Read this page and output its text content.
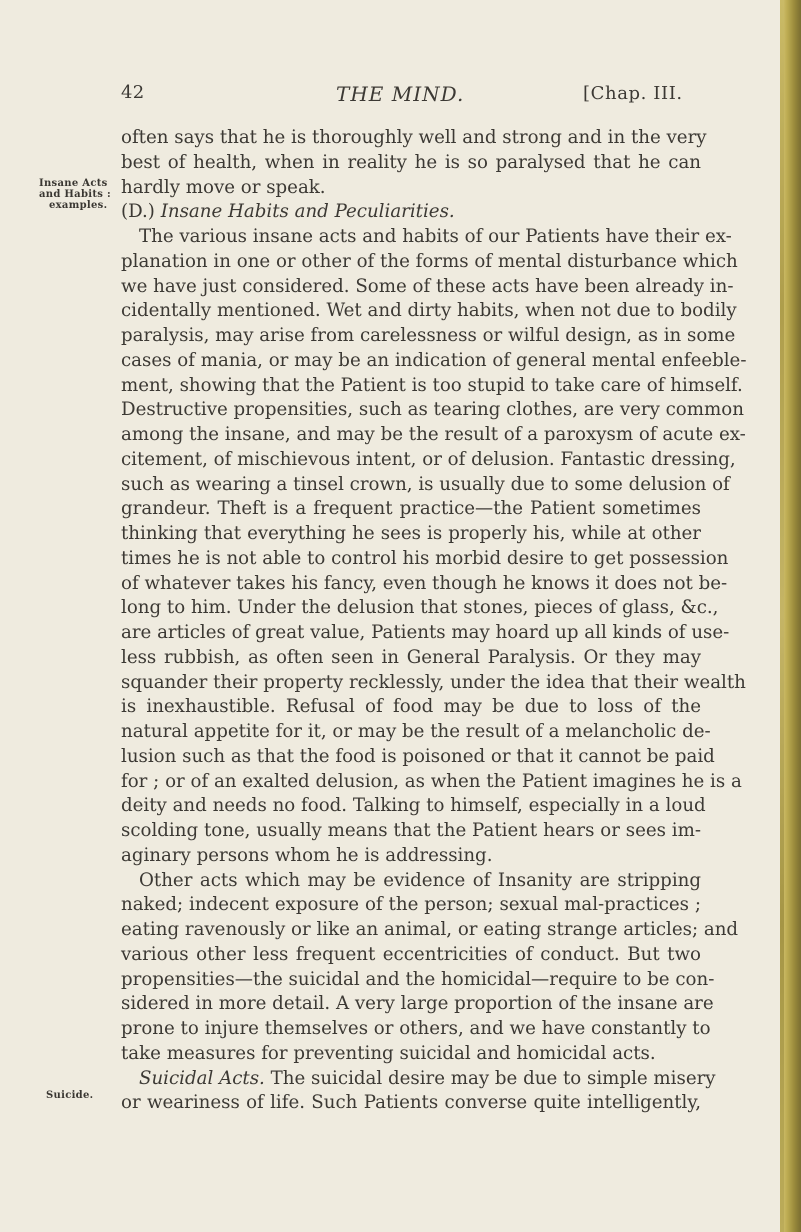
42	THE MIND.	[Chap. III.
Insane Acts
and Habits :
examples.
Suicide.
often says that he is thoroughly well and strong and in the very
best of health, when in reality he is so paralysed that he can
hardly move or speak.
(D.) Insane Habits and Peculiarities.
The various insane acts and habits of our Patients have their ex-
planation in one or other of the forms of mental disturbance which
we have just considered. Some of these acts have been already in-
cidentally mentioned. Wet and dirty habits, when not due to bodily
paralysis, may arise from carelessness or wilful design, as in some
cases of mania, or may be an indication of general mental enfeeble-
ment, showing that the Patient is too stupid to take care of himself.
Destructive propensities, such as tearing clothes, are very common
among the insane, and may be the result of a paroxysm of acute ex-
citement, of mischievous intent, or of delusion. Fantastic dressing,
such as wearing a tinsel crown, is usually due to some delusion of
grandeur. Theft is a frequent practice—the Patient sometimes
thinking that everything he sees is properly his, while at other
times he is not able to control his morbid desire to get possession
of whatever takes his fancy, even though he knows it does not be-
long to him. Under the delusion that stones, pieces of glass, &c.,
are articles of great value, Patients may hoard up all kinds of use-
less rubbish, as often seen in General Paralysis. Or they may
squander their property recklessly, under the idea that their wealth
is inexhaustible. Refusal of food may be due to loss of the
natural appetite for it, or may be the result of a melancholic de-
lusion such as that the food is poisoned or that it cannot be paid
for ; or of an exalted delusion, as when the Patient imagines he is a
deity and needs no food. Talking to himself, especially in a loud
scolding tone, usually means that the Patient hears or sees im-
aginary persons whom he is addressing.
Other acts which may be evidence of Insanity are stripping
naked; indecent exposure of the person; sexual mal-practices ;
eating ravenously or like an animal, or eating strange articles; and
various other less frequent eccentricities of conduct. But two
propensities—the suicidal and the homicidal—require to be con-
sidered in more detail. A very large proportion of the insane are
prone to injure themselves or others, and we have constantly to
take measures for preventing suicidal and homicidal acts.
Suicidal Acts. The suicidal desire may be due to simple misery
or weariness of life. Such Patients converse quite intelligently,
